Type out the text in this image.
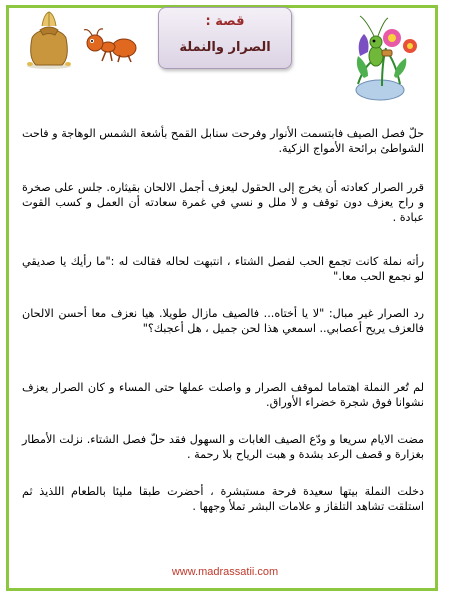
قصة :
الصرار والنملة
حلّ فصل الصيف فابتسمت الأنوار وفرحت سنابل القمح بأشعة الشمس الوهاجة و فاحت الشواطئ برائحة الأمواج الزكية.
قرر الصرار كعادته أن يخرج إلى الحقول ليعزف أجمل الالحان بقيثاره. جلس على صخرة و راح يعزف دون توقف و لا ملل و نسي في غمرة سعادته أن العمل و كسب القوت عبادة .
رأته نملة كانت تجمع الحب لفصل الشتاء ، انتبهت لحاله فقالت له :"ما رأيك يا صديقي لو نجمع الحب معا."
رد الصرار غير مبال: "لا يا أختاه... فالصيف مازال طويلا. هيا نعزف معا أحسن الالحان فالعزف يريح أعصابي.. اسمعي هذا لحن جميل ، هل أعجبك؟"
لم تُعر النملة اهتماما لموقف الصرار و واصلت عملها حتى المساء و كان الصرار يعزف نشوانا فوق شجرة خضراء الأوراق.
مضت الايام سريعا و ودّع الصيف الغابات و السهول فقد حلّ فصل الشتاء. نزلت الأمطار بغزارة و قصف الرعد بشدة و هبت الرياح بلا رحمة .
دخلت النملة بيتها سعيدة فرحة مستبشرة ، أحضرت طبقا مليئا بالطعام اللذيذ ثم استلقت تشاهد التلفاز و علامات البشر تملأ وجهها .
www.madrassatii.com
